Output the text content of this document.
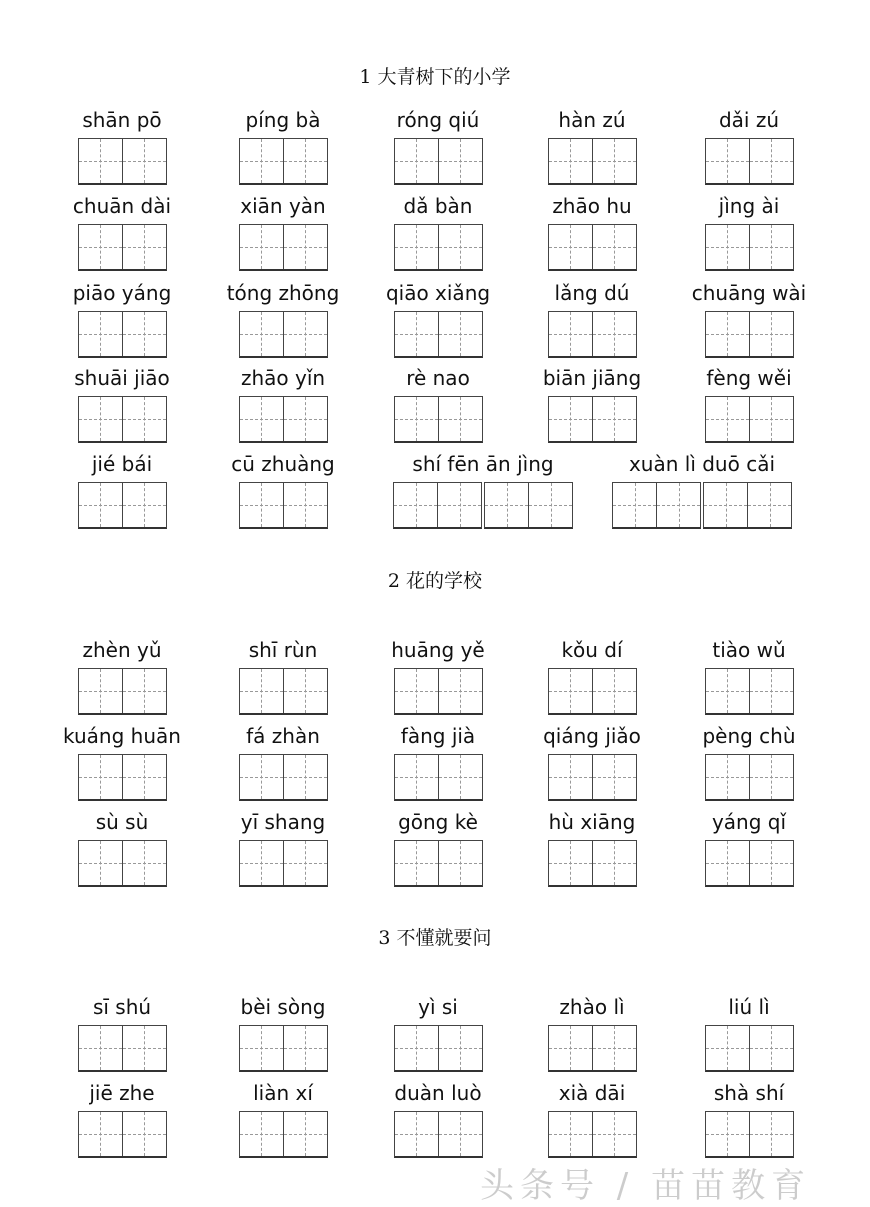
1 大青树下的小学
shān pō	píng bà	róng qiú	hàn zú	dǎi zú
chuān dài	xiān yàn	dǎ bàn	zhāo hu	jìng ài
piāo yáng	tóng zhōng	qiāo xiǎng	lǎng dú	chuāng wài
shuāi jiāo	zhāo yǐn	rè nao	biān jiāng	fèng wěi
jié bái	cū zhuàng	shí fēn ān jìng	xuàn lì duō cǎi
2 花的学校
zhèn yǔ	shī rùn	huāng yě	kǒu dí	tiào wǔ
kuáng huān	fá zhàn	fàng jià	qiáng jiǎo	pèng chù
sù sù	yī shang	gōng kè	hù xiāng	yáng qǐ
3 不懂就要问
sī shú	bèi sòng	yì si	zhào lì	liú lì
jiē zhe	liàn xí	duàn luò	xià dāi	shà shí
头条号 / 苗苗教育
